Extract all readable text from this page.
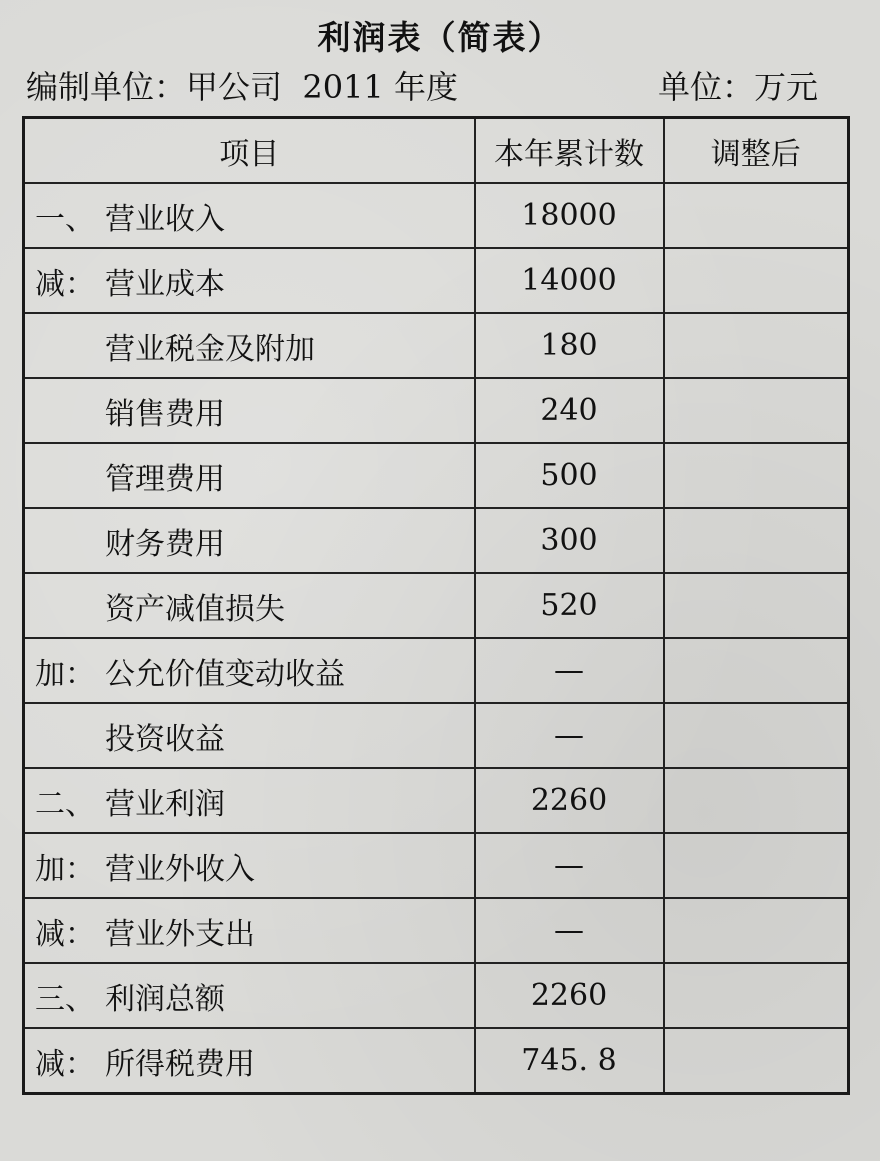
利润表（简表）
编制单位：甲公司  2011 年度	单位：万元
项目	本年累计数	调整后
一、 营业收入	18000	
减： 营业成本	14000	
营业税金及附加	180	
销售费用	240	
管理费用	500	
财务费用	300	
资产减值损失	520	
加： 公允价值变动收益	—	
投资收益	—	
二、 营业利润	2260	
加： 营业外收入	—	
减： 营业外支出	—	
三、 利润总额	2260	
减： 所得税费用	745. 8	
